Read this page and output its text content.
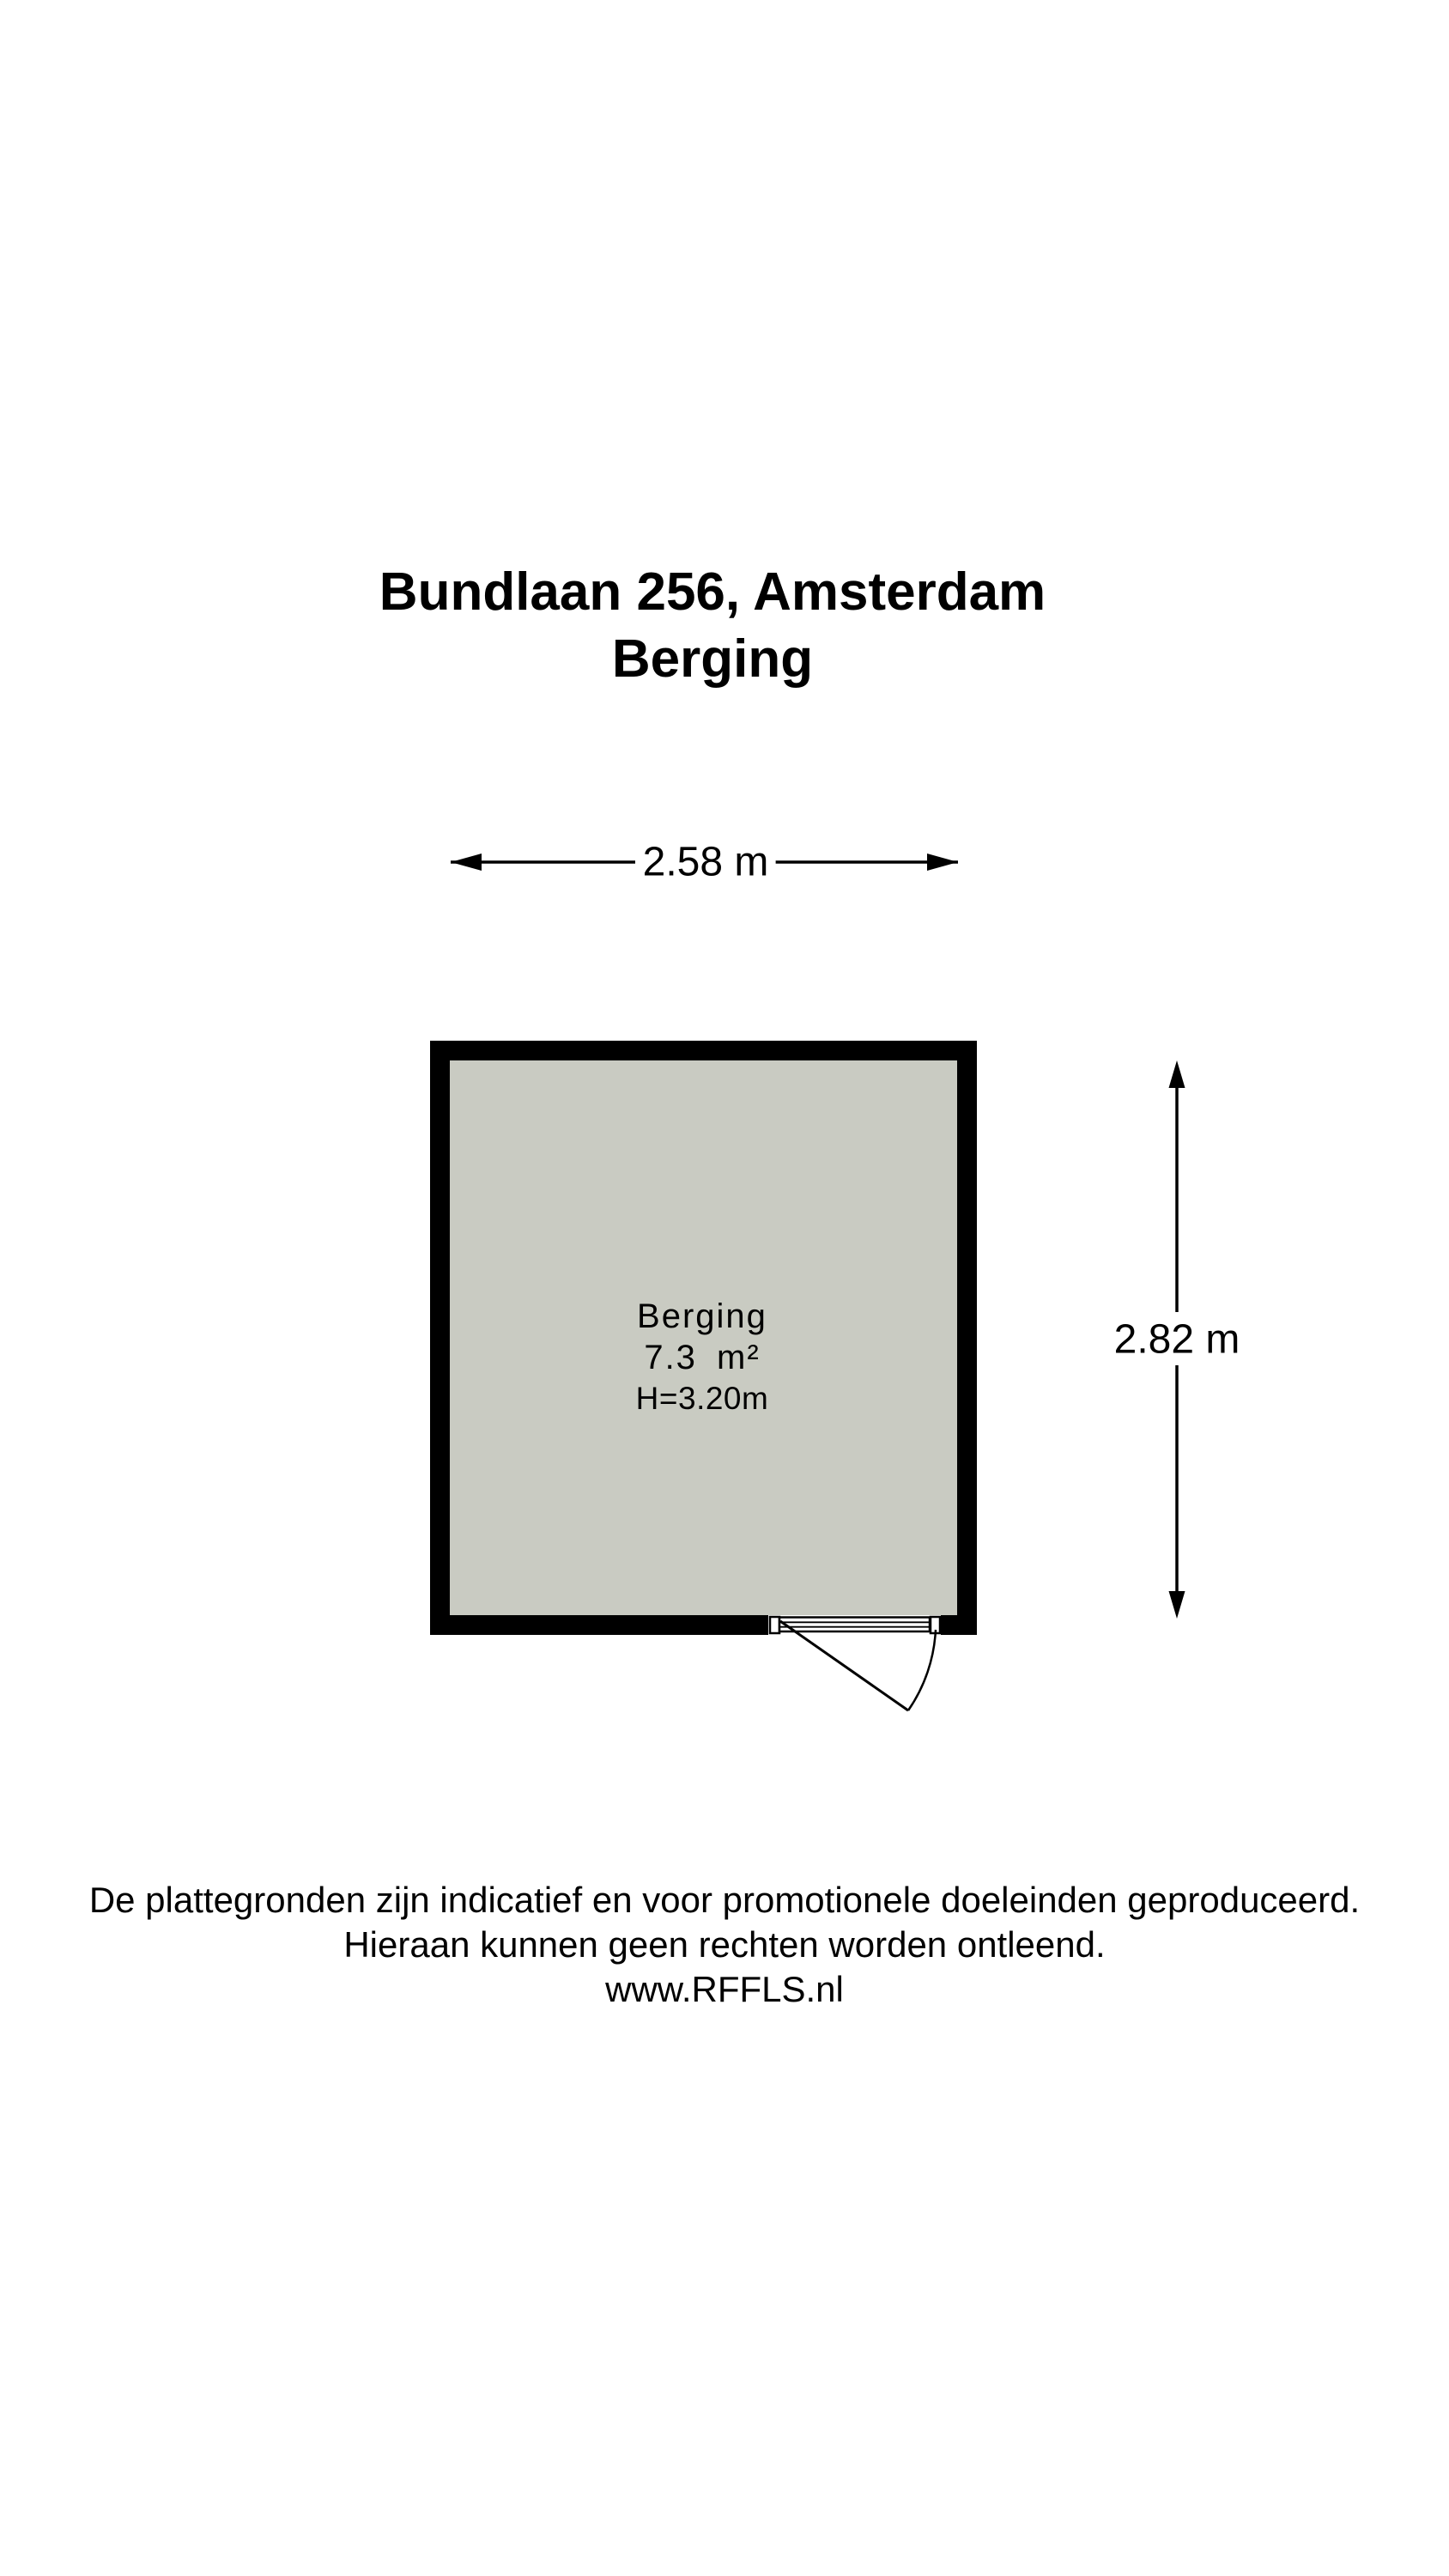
Bundlaan 256, Amsterdam
Berging
2.58 m
2.82 m
Berging
7.3 m²
H=3.20m
De plattegronden zijn indicatief en voor promotionele doeleinden geproduceerd.
Hieraan kunnen geen rechten worden ontleend.
www.RFFLS.nl
